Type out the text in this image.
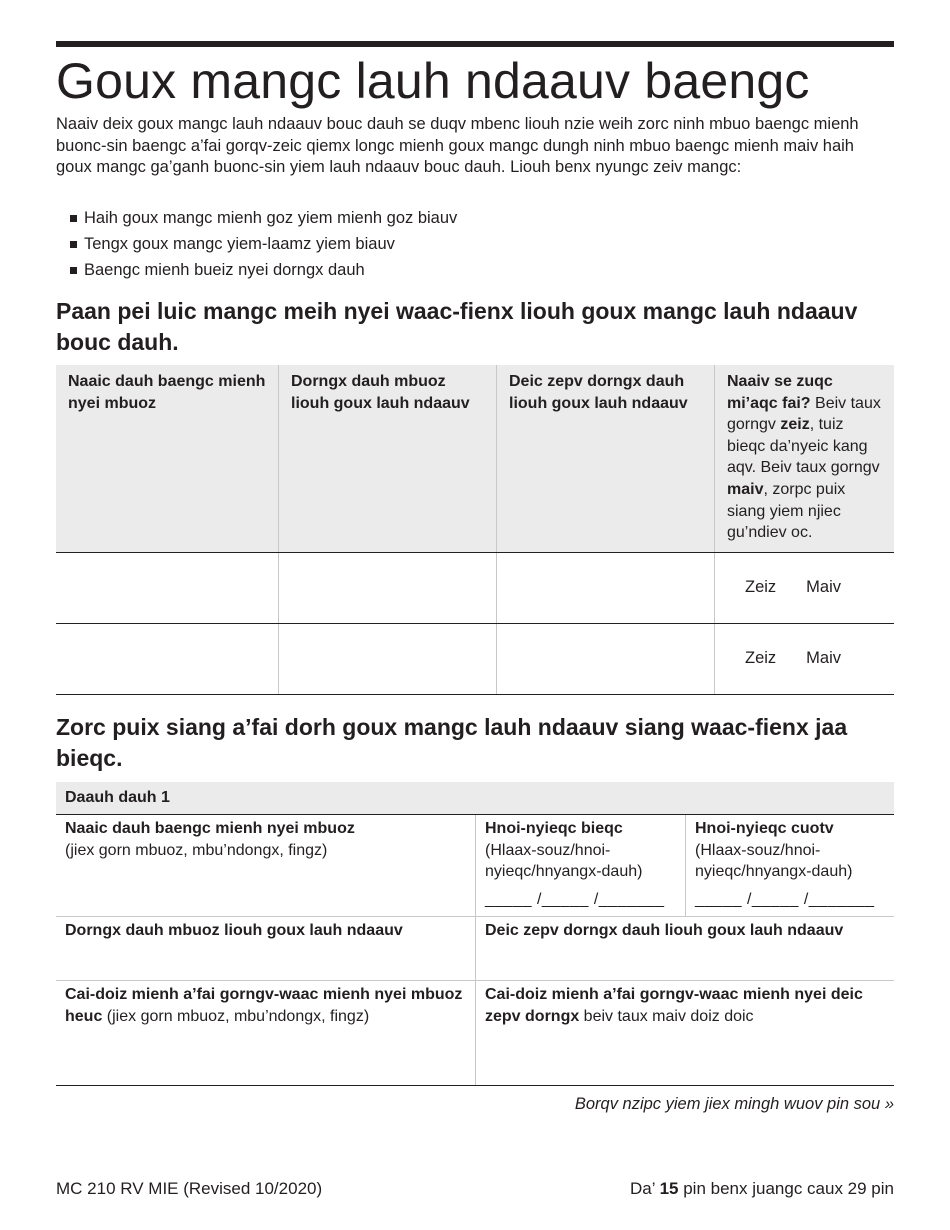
Goux mangc lauh ndaauv baengc

Naaiv deix goux mangc lauh ndaauv bouc dauh se duqv mbenc liouh nzie weih zorc ninh mbuo baengc mienh buonc-sin baengc a’fai gorqv-zeic qiemx longc mienh goux mangc dungh ninh mbuo baengc mienh maiv haih goux mangc ga’ganh buonc-sin yiem lauh ndaauv bouc dauh. Liouh benx nyungc zeiv mangc:

Haih goux mangc mienh goz yiem mienh goz biauv
Tengx goux mangc yiem-laamz yiem biauv
Baengc mienh bueiz nyei dorngx dauh
Paan pei luic mangc meih nyei waac-fienx liouh goux mangc lauh ndaauv bouc dauh.
Naaic dauh baengc mienh nyei mbuoz
Dorngx dauh mbuoz liouh goux lauh ndaauv
Deic zepv dorngx dauh liouh goux lauh ndaauv
Naaiv se zuqc mi’aqc fai? Beiv taux gorngv zeiz, tuiz bieqc da’nyeic kang aqv. Beiv taux gorngv maiv, zorpc puix siang yiem njiec gu’ndiev oc.
Zeiz Maiv
Zeiz Maiv
Zorc puix siang a’fai dorh goux mangc lauh ndaauv siang waac-fienx jaa bieqc.
Daauh dauh 1
Naaic dauh baengc mienh nyei mbuoz
(jiex gorn mbuoz, mbu’ndongx, fingz)
Hnoi-nyieqc bieqc
(Hlaax-souz/hnoi-nyieqc/hnyangx-dauh)
_____ /_____ /_______
Hnoi-nyieqc cuotv
(Hlaax-souz/hnoi-nyieqc/hnyangx-dauh)
_____ /_____ /_______
Dorngx dauh mbuoz liouh goux lauh ndaauv	Deic zepv dorngx dauh liouh goux lauh ndaauv
Cai-doiz mienh a’fai gorngv-waac mienh nyei mbuoz heuc (jiex gorn mbuoz, mbu’ndongx, fingz)
Cai-doiz mienh a’fai gorngv-waac mienh nyei deic zepv dorngx beiv taux maiv doiz doic
Borqv nzipc yiem jiex mingh wuov pin sou »
MC 210 RV MIE (Revised 10/2020)	Da’ 15 pin benx juangc caux 29 pin
